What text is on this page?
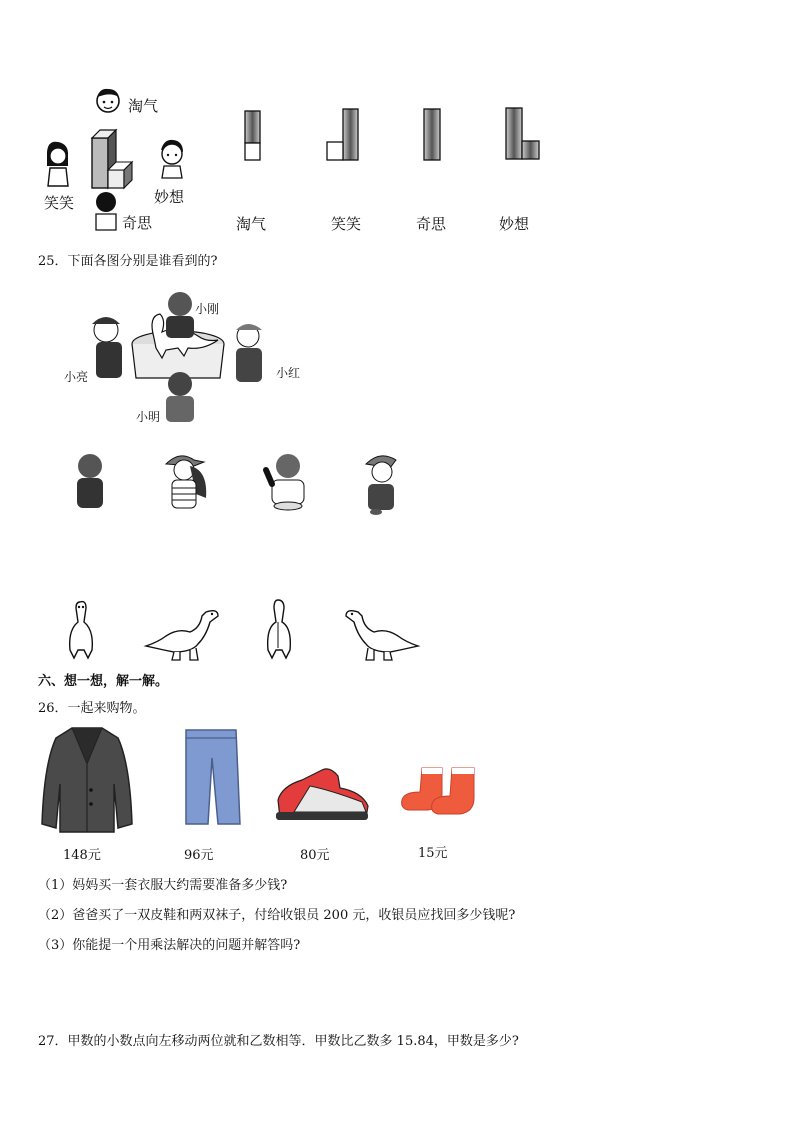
淘气
笑笑	妙想
奇思	淘气	笑笑	奇思	妙想
25．下面各图分别是谁看到的?
小刚
小亮	小红
小明
六、想一想，解一解。
26．一起来购物。
148元	96元	80元	15元
（1）妈妈买一套衣服大约需要准备多少钱?
（2）爸爸买了一双皮鞋和两双袜子，付给收银员 200 元，收银员应找回多少钱呢?
（3）你能提一个用乘法解决的问题并解答吗?
27．甲数的小数点向左移动两位就和乙数相等．甲数比乙数多 15.84，甲数是多少?
